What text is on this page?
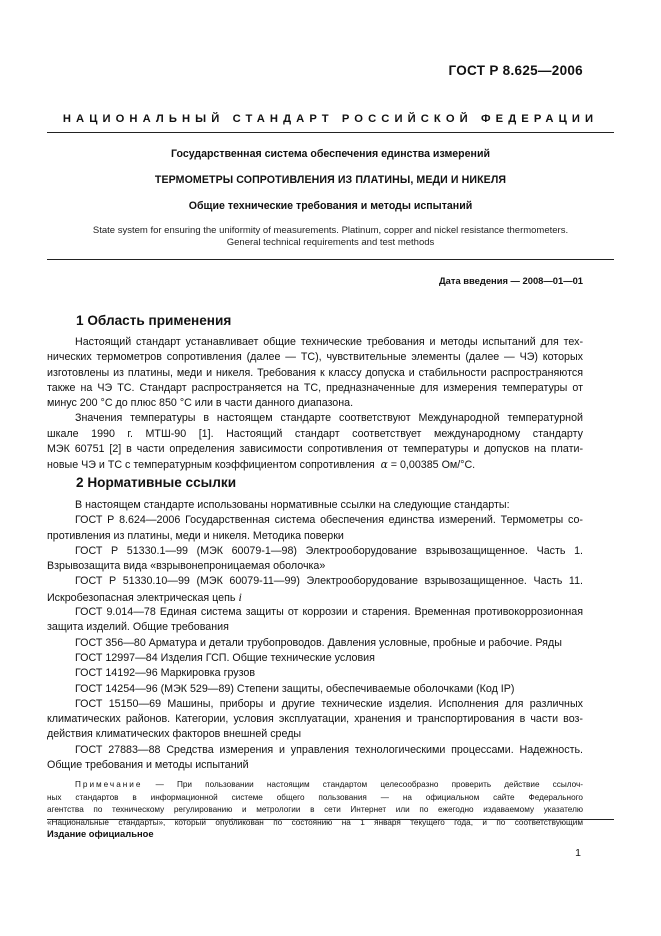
ГОСТ Р 8.625—2006
НАЦИОНАЛЬНЫЙ СТАНДАРТ РОССИЙСКОЙ ФЕДЕРАЦИИ
Государственная система обеспечения единства измерений
ТЕРМОМЕТРЫ СОПРОТИВЛЕНИЯ ИЗ ПЛАТИНЫ, МЕДИ И НИКЕЛЯ
Общие технические требования и методы испытаний
State system for ensuring the uniformity of measurements. Platinum, copper and nickel resistance thermometers.
General technical requirements and test methods
Дата введения — 2008—01—01
1 Область применения
Настоящий стандарт устанавливает общие технические требования и методы испытаний для тех-
нических термометров сопротивления (далее — ТС), чувствительные элементы (далее — ЧЭ) которых
изготовлены из платины, меди и никеля. Требования к классу допуска и стабильности распространяются
также на ЧЭ ТС. Стандарт распространяется на ТС, предназначенные для измерения температуры от
минус 200 °С до плюс 850 °С или в части данного диапазона.
Значения температуры в настоящем стандарте соответствуют Международной температурной
шкале 1990 г. МТШ-90 [1]. Настоящий стандарт соответствует международному стандарту
МЭК 60751 [2] в части определения зависимости сопротивления от температуры и допусков на плати-
новые ЧЭ и ТС с температурным коэффициентом сопротивления α = 0,00385 Ом/°С.
2 Нормативные ссылки
В настоящем стандарте использованы нормативные ссылки на следующие стандарты:
ГОСТ Р 8.624—2006 Государственная система обеспечения единства измерений. Термометры со-
противления из платины, меди и никеля. Методика поверки
ГОСТ Р 51330.1—99 (МЭК 60079-1—98) Электрооборудование взрывозащищенное. Часть 1.
Взрывозащита вида «взрывонепроницаемая оболочка»
ГОСТ Р 51330.10—99 (МЭК 60079-11—99) Электрооборудование взрывозащищенное. Часть 11.
Искробезопасная электрическая цепь i
ГОСТ 9.014—78 Единая система защиты от коррозии и старения. Временная противокоррозионная
защита изделий. Общие требования
ГОСТ 356—80 Арматура и детали трубопроводов. Давления условные, пробные и рабочие. Ряды
ГОСТ 12997—84 Изделия ГСП. Общие технические условия
ГОСТ 14192—96 Маркировка грузов
ГОСТ 14254—96 (МЭК 529—89) Степени защиты, обеспечиваемые оболочками (Код IP)
ГОСТ 15150—69 Машины, приборы и другие технические изделия. Исполнения для различных
климатических районов. Категории, условия эксплуатации, хранения и транспортирования в части воз-
действия климатических факторов внешней среды
ГОСТ 27883—88 Средства измерения и управления технологическими процессами. Надежность.
Общие требования и методы испытаний
Примечание — При пользовании настоящим стандартом целесообразно проверить действие ссылоч-
ных стандартов в информационной системе общего пользования — на официальном сайте Федерального
агентства по техническому регулированию и метрологии в сети Интернет или по ежегодно издаваемому указателю
«Национальные стандарты», который опубликован по состоянию на 1 января текущего года, и по соответствующим
Издание официальное
1
